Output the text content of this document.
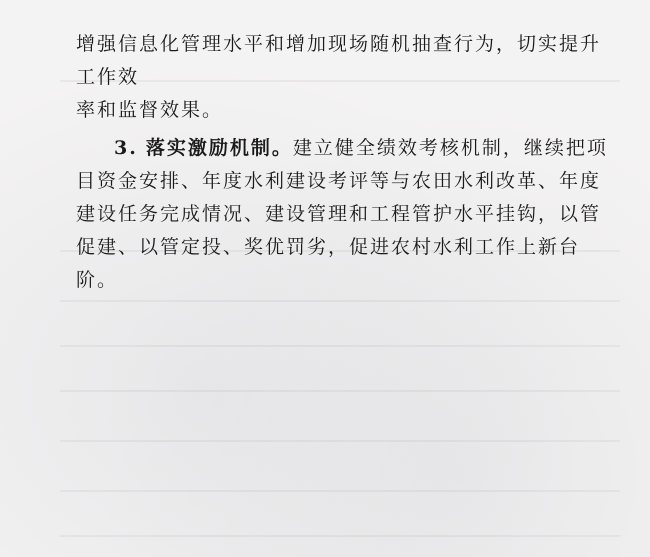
增强信息化管理水平和增加现场随机抽查行为，切实提升工作效
率和监督效果。

3. 落实激励机制。建立健全绩效考核机制，继续把项目资金安排、年度水利建设考评等与农田水利改革、年度建设任务完成情况、建设管理和工程管护水平挂钩，以管促建、以管定投、奖优罚劣，促进农村水利工作上新台阶。
